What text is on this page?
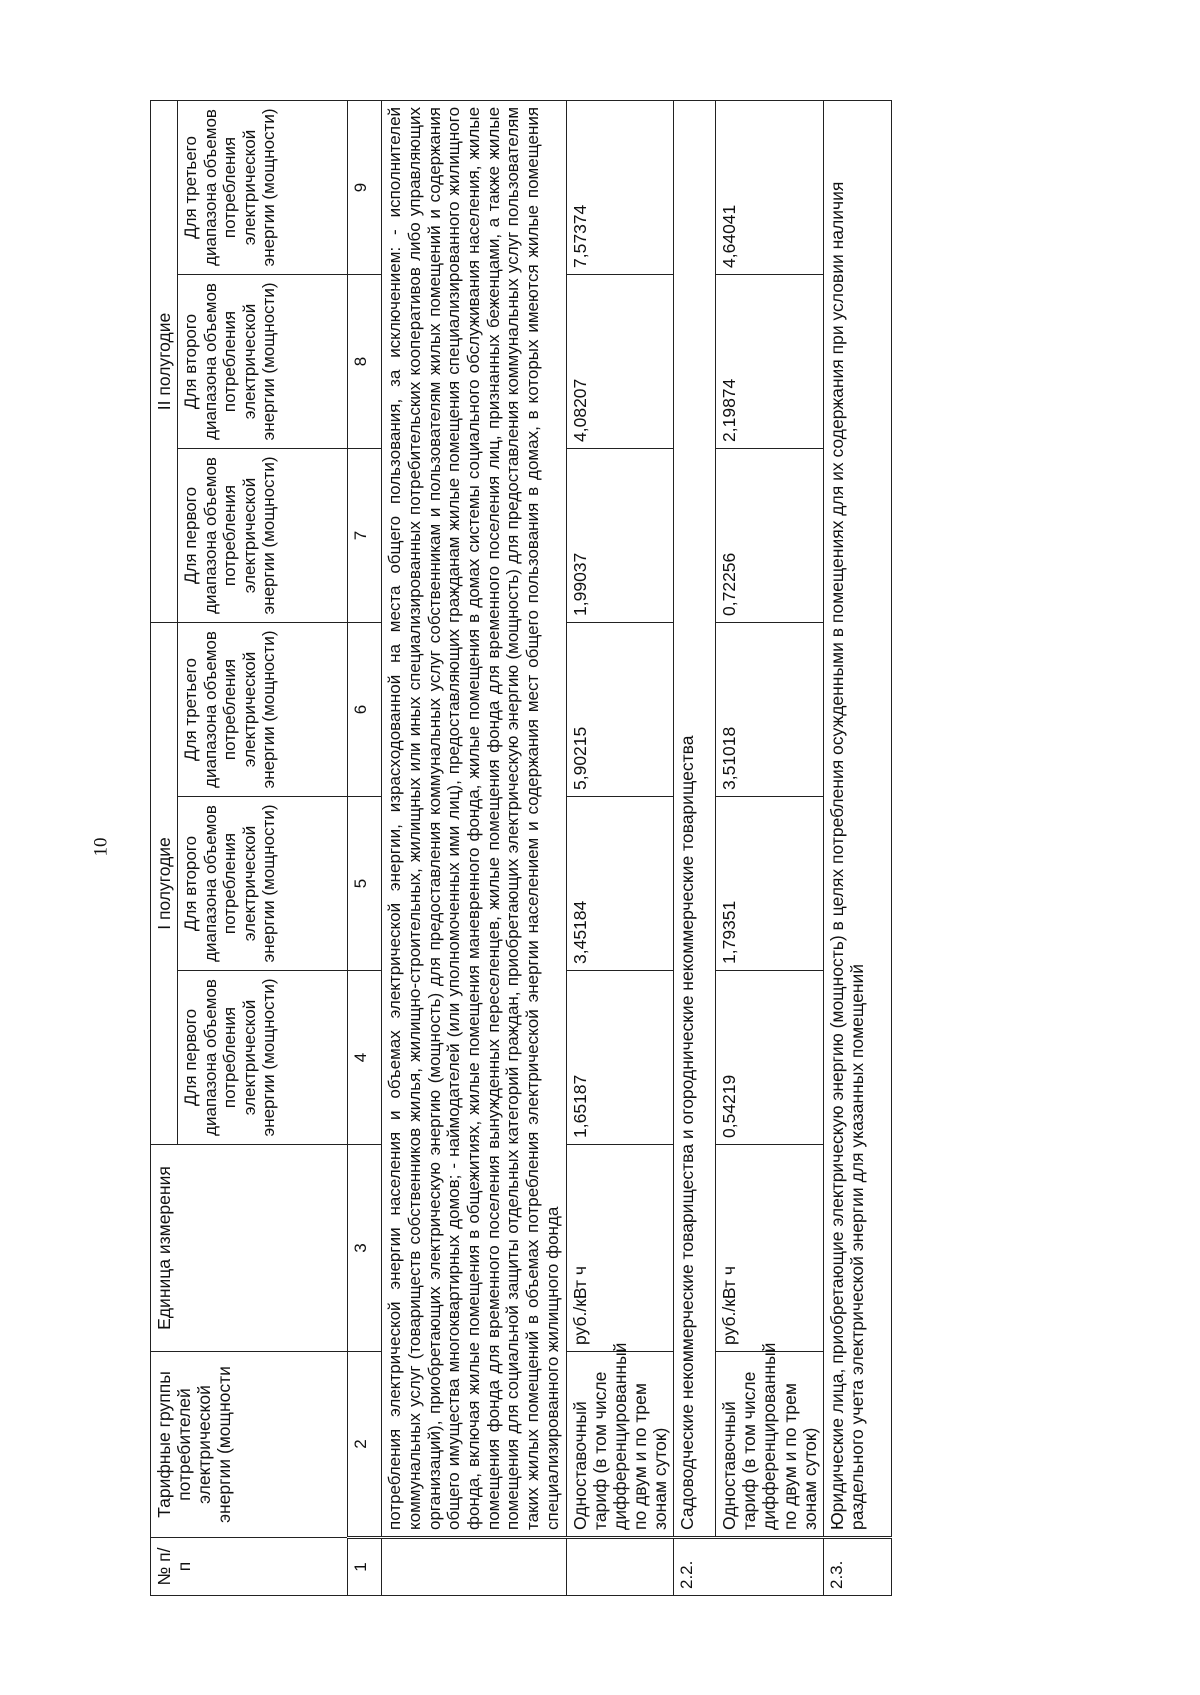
10
№ п/п	Тарифные группы потребителей электрической энергии (мощности	Единица измерения	I полугодие			II полугодие		
			Для первого диапазона объемов потребления электрической энергии (мощности)	Для второго диапазона объемов потребления электрической энергии (мощности)	Для третьего диапазона объемов потребления электрической энергии (мощности)	Для первого диапазона объемов потребления электрической энергии (мощности)	Для второго диапазона объемов потребления электрической энергии (мощности)	Для третьего диапазона объемов потребления электрической энергии (мощности)
1	2	3	4	5	6	7	8	9
	потребления электрической энергии населения и объемах электрической энергии, израсходованной на места общего пользования, за исключением: - исполнителей коммунальных услуг (товариществ собственников жилья, жилищно-строительных, жилищных или иных специализированных потребительских кооперативов либо управляющих организаций), приобретающих электрическую энергию (мощность) для предоставления коммунальных услуг собственникам и пользователям жилых помещений и содержания общего имущества многоквартирных домов; - наймодателей (или уполномоченных ими лиц), предоставляющих гражданам жилые помещения специализированного жилищного фонда, включая жилые помещения в общежитиях, жилые помещения маневренного фонда, жилые помещения в домах системы социального обслуживания населения, жилые помещения фонда для временного поселения вынужденных переселенцев, жилые помещения фонда для временного поселения лиц, признанных беженцами, а также жилые помещения для социальной защиты отдельных категорий граждан, приобретающих электрическую энергию (мощность) для предоставления коммунальных услуг пользователям таких жилых помещений в объемах потребления электрической энергии населением и содержания мест общего пользования в домах, в которых имеются жилые помещения специализированного жилищного фонда							
	Одноставочный тариф (в том числе дифференцированный по двум и по трем зонам суток)	руб./кВт ч	1,65187	3,45184	5,90215	1,99037	4,08207	7,57374
2.2.	Садоводческие некоммерческие товарищества и огороднические некоммерческие товарищества							
	Одноставочный тариф (в том числе дифференцированный по двум и по трем зонам суток)	руб./кВт ч	0,54219	1,79351	3,51018	0,72256	2,19874	4,64041
2.3.	Юридические лица, приобретающие электрическую энергию (мощность) в целях потребления осужденными в помещениях для их содержания при условии наличия раздельного учета электрической энергии для указанных помещений							
